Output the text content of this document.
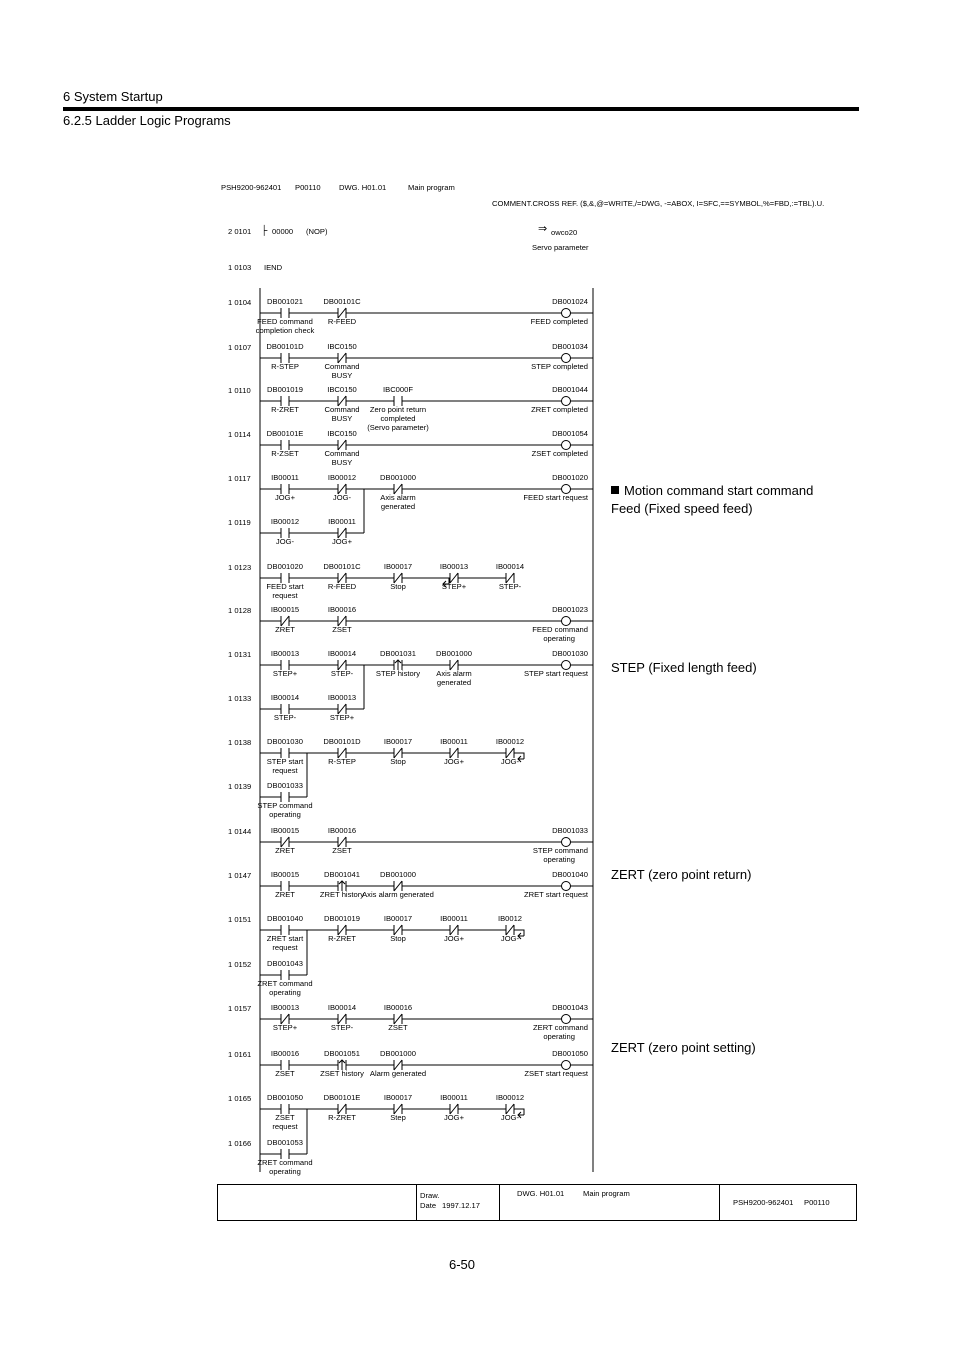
6 System Startup
6.2.5 Ladder Logic Programs
PSH9200-962401 P00110 DWG. H01.01	Main program
COMMENT.CROSS REF. ($,&,@=WRITE,/=DWG, -=ABOX, I=SFC,==SYMBOL,%=FBD,:=TBL).U.
2 0101 ├ 00000 (NOP)	⇒ owco20
Servo parameter
1 0103 IEND
1 0104 DB001021
FEED command
completion check
DB00101C
R-FEED
DB001024
FEED completed
1 0107 DB00101D
R-STEP
IBC0150
Command
BUSY
DB001034
STEP completed
1 0110 DB001019
R-ZRET
IBC0150
Command
BUSY
IBC000F
Zero point return
completed
(Servo parameter)
DB001044
ZRET completed
1 0114 DB00101E
R-ZSET
IBC0150
Command
BUSY
DB001054
ZSET completed
1 0117	IB00011
JOG+
IB00012
JOG-
DB001000
Axis alarm
generated
DB001020
FEED start request
1 0119	IB00012
JOG-
IB00011
JOG+
1 0123 DB001020
FEED start
request
DB00101C
R-FEED
IB00017
Stop
IB00013
STEP+
IB00014
STEP-
1 0128	IB00015
ZRET
IB00016
ZSET
DB001023
FEED command
operating
1 0131	IB00013
STEP+
IB00014
STEP-
DB001031
STEP history
DB001000
Axis alarm
generated
DB001030
STEP start request
1 0133	IB00014
STEP-
IB00013
STEP+
1 0138 DB001030
STEP start
request
DB00101D
R-STEP
IB00017
Stop
IB00011
JOG+
IB00012
JOG-
1 0139 DB001033
STEP command
operating
1 0144	IB00015
ZRET
IB00016
ZSET
DB001033
STEP command
operating
1 0147	IB00015
ZRET
DB001041
ZRET history
DB001000
Axis alarm generated
DB001040
ZRET start request
1 0151 DB001040
ZRET start
request
DB001019
R-ZRET
IB00017
Stop
IB00011
JOG+
IB0012
JOG-
1 0152 DB001043
ZRET command
operating
1 0157	IB00013
STEP+
IB00014
STEP-
IB00016
ZSET
DB001043
ZERT command
operating
1 0161	IB00016
ZSET
DB001051
ZSET history
DB001000
Alarm generated
DB001050
ZSET start request
1 0165 DB001050
ZSET
request
DB00101E
R-ZRET
IB00017
Step
IB00011
JOG+
IB00012
JOG-
1 0166 DB001053
ZRET command
operating
Motion command start command
Feed (Fixed speed feed)
STEP (Fixed length feed)
ZERT (zero point return)
ZERT (zero point setting)
Draw.
Date 1997.12.17
DWG. H01.01 Main program
PSH9200-962401 P00110
6-50
